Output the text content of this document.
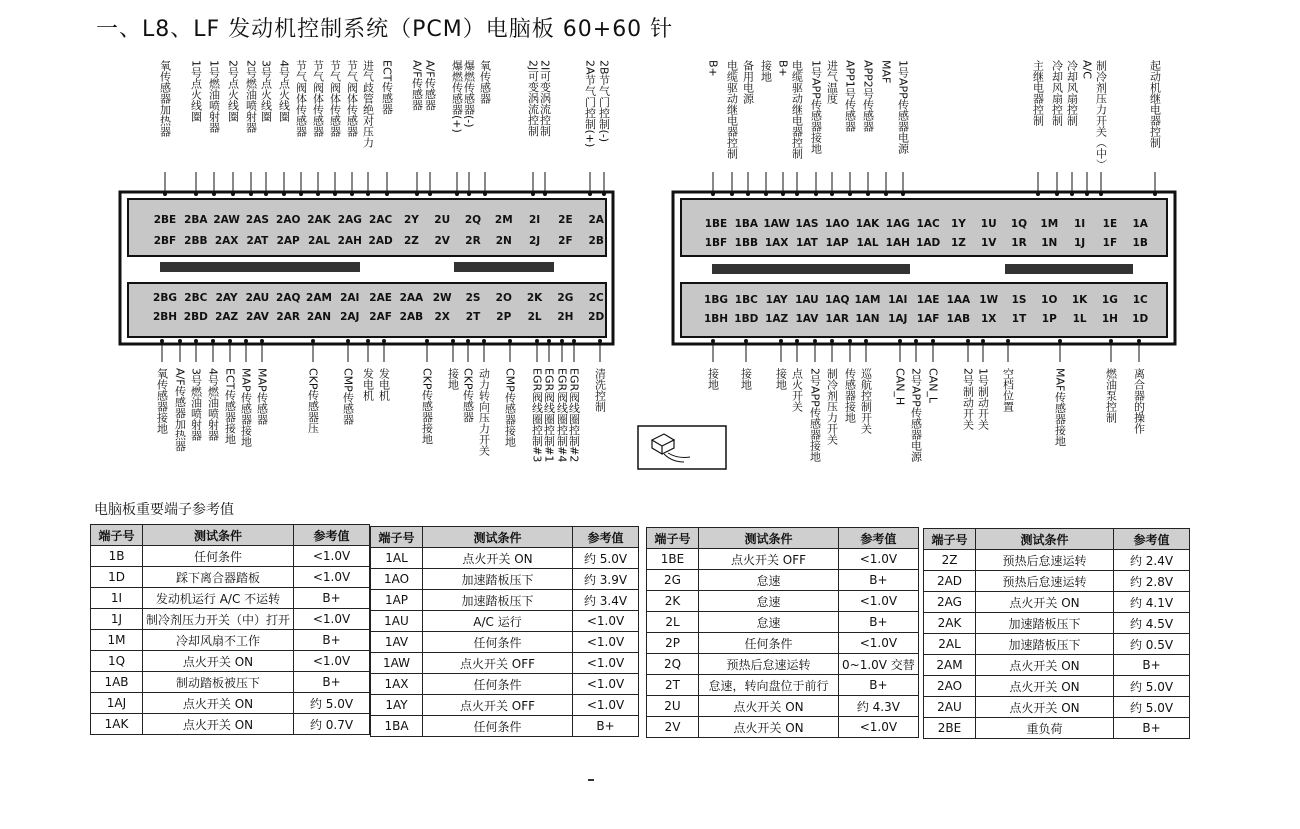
一、L8、LF 发动机控制系统（PCM）电脑板 60+60 针
2BE 2BA 2AW 2AS 2AO 2AK 2AG 2AC 2Y 2U 2Q 2M 2I 2E 2A
2BF 2BB 2AX 2AT 2AP 2AL 2AH 2AD 2Z 2V 2R 2N 2J 2F 2B
2BG 2BC 2AY 2AU 2AQ 2AM 2AI 2AE 2AA 2W 2S 2O 2K 2G 2C
2BH 2BD 2AZ 2AV 2AR 2AN 2AJ 2AF 2AB 2X 2T 2P 2L 2H 2D
1BE 1BA 1AW 1AS 1AO 1AK 1AG 1AC 1Y 1U 1Q 1M 1I 1E 1A
1BF 1BB 1AX 1AT 1AP 1AL 1AH 1AD 1Z 1V 1R 1N 1J 1F 1B
1BG 1BC 1AY 1AU 1AQ 1AM 1AI 1AE 1AA 1W 1S 1O 1K 1G 1C
1BH 1BD 1AZ 1AV 1AR 1AN 1AJ 1AF 1AB 1X 1T 1P 1L 1H 1D
氧传感器加热器 1号点火线圈 1号燃油喷射器 2号点火线圈 2号燃油喷射器 3号点火线圈 4号点火线圈 节气阀体传感器 节气阀体传感器 节气阀体传感器 节气阀体传感器 进气歧管绝对压力 ECT传感器 A/F传感器 A/F传感器 爆燃传感器(+) 爆燃传感器(-) 氧传感器	2J可变涡流控制 2I可变涡流控制	2A节气门控制(+) 2B节气门控制(-)
氧传感器接地 A/F传感器加热器 3号燃油喷射器 4号燃油喷射器 ECT传感器接地 MAP传感器接地 MAP传感器	CKP传感器压 CMP传感器 发电机 发电机	CKP传感器接地 接地 CKP传感器 动力转向压力开关 CMP传感器接地 EGR阀线圈控制#3 EGR阀线圈控制#1 EGR阀线圈控制#4 EGR阀线圈控制#2 清洗控制
B+ 电缆驱动继电器控制 备用电源 接地 B+ 电缆驱动继电器控制 1号APP传感器接地 进气温度 APP1号传感器 APP2号传感器 MAF 1号APP传感器电源	主继电器控制 冷却风扇控制 冷却风扇控制 A/C 制冷剂压力开关（中）	起动机继电器控制
接地 接地 接地 点火开关 2号APP传感器接地 制冷剂压力开关 传感器接地 巡航控制开关 CAN_H CAN_L
2号APP传感器电源	2号制动开关 1号制动开关 空档位置	MAF传感器接地	燃油泵控制 离合器的操作
电脑板重要端子参考值
端子号	测试条件	参考值
1B	任何条件	<1.0V
1D	踩下离合器踏板	<1.0V
1I	发动机运行 A/C 不运转	B+
1J	制冷剂压力开关（中）打开	<1.0V
1M	冷却风扇不工作	B+
1Q	点火开关 ON	<1.0V
1AB	制动踏板被压下	B+
1AJ	点火开关 ON	约 5.0V
1AK	点火开关 ON	约 0.7V
端子号	测试条件	参考值
1AL	点火开关 ON	约 5.0V
1AO	加速踏板压下	约 3.9V
1AP	加速踏板压下	约 3.4V
1AU	A/C 运行	<1.0V
1AV	任何条件	<1.0V
1AW	点火开关 OFF	<1.0V
1AX	任何条件	<1.0V
1AY	点火开关 OFF	<1.0V
1BA	任何条件	B+
端子号	测试条件	参考值
1BE	点火开关 OFF	<1.0V
2G	怠速	B+
2K	怠速	<1.0V
2L	怠速	B+
2P	任何条件	<1.0V
2Q	预热后怠速运转	0~1.0V 交替
2T	怠速，转向盘位于前行	B+
2U	点火开关 ON	约 4.3V
2V	点火开关 ON	<1.0V
端子号	测试条件	参考值
2Z	预热后怠速运转	约 2.4V
2AD	预热后怠速运转	约 2.8V
2AG	点火开关 ON	约 4.1V
2AK	加速踏板压下	约 4.5V
2AL	加速踏板压下	约 0.5V
2AM	点火开关 ON	B+
2AO	点火开关 ON	约 5.0V
2AU	点火开关 ON	约 5.0V
2BE	重负荷	B+
